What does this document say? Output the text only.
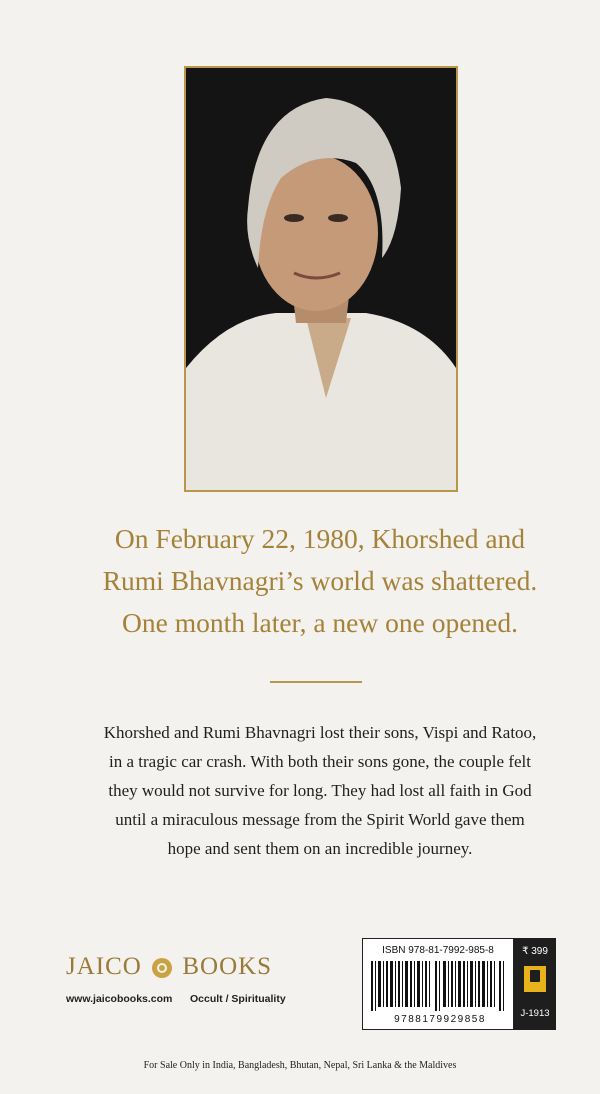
On February 22, 1980, Khorshed and
Rumi Bhavnagri’s world was shattered.
One month later, a new one opened.
Khorshed and Rumi Bhavnagri lost their sons, Vispi and Ratoo,
in a tragic car crash. With both their sons gone, the couple felt
they would not survive for long. They had lost all faith in God
until a miraculous message from the Spirit World gave them
hope and sent them on an incredible journey.
JAICO BOOKS
www.jaicobooks.com Occult / Spirituality
ISBN 978-81-7992-985-8
9788179929858
₹ 399
J-1913
For Sale Only in India, Bangladesh, Bhutan, Nepal, Sri Lanka & the Maldives
